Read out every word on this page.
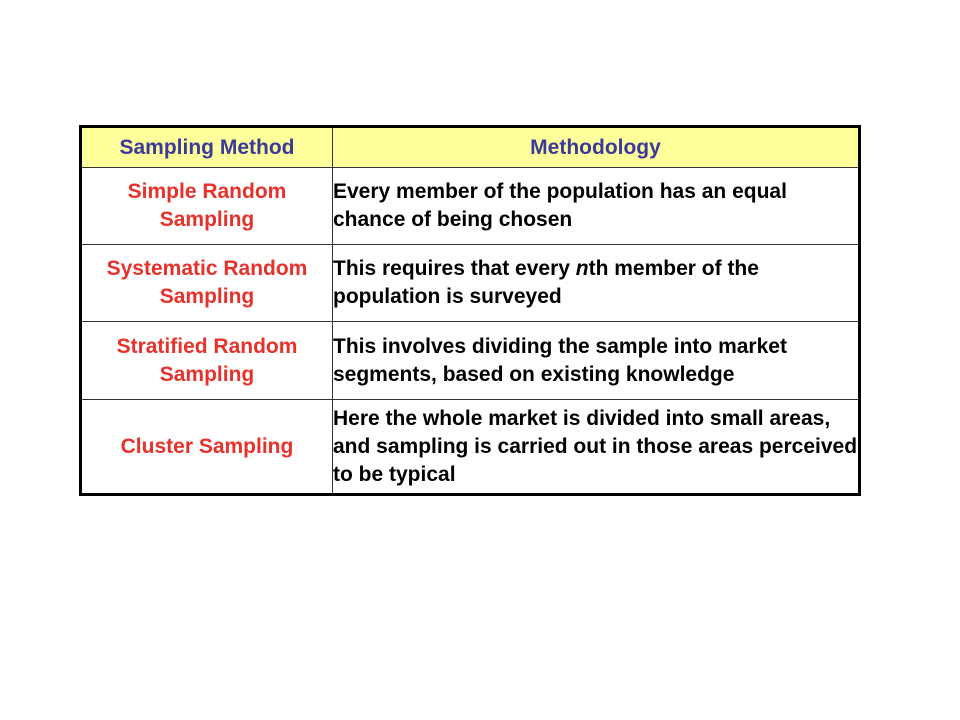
Sampling Method	Methodology
Simple Random Sampling	Every member of the population has an equal chance of being chosen
Systematic Random Sampling	This requires that every nth member of the population is surveyed
Stratified Random Sampling	This involves dividing the sample into market segments, based on existing knowledge
Cluster Sampling	Here the whole market is divided into small areas, and sampling is carried out in those areas perceived to be typical
